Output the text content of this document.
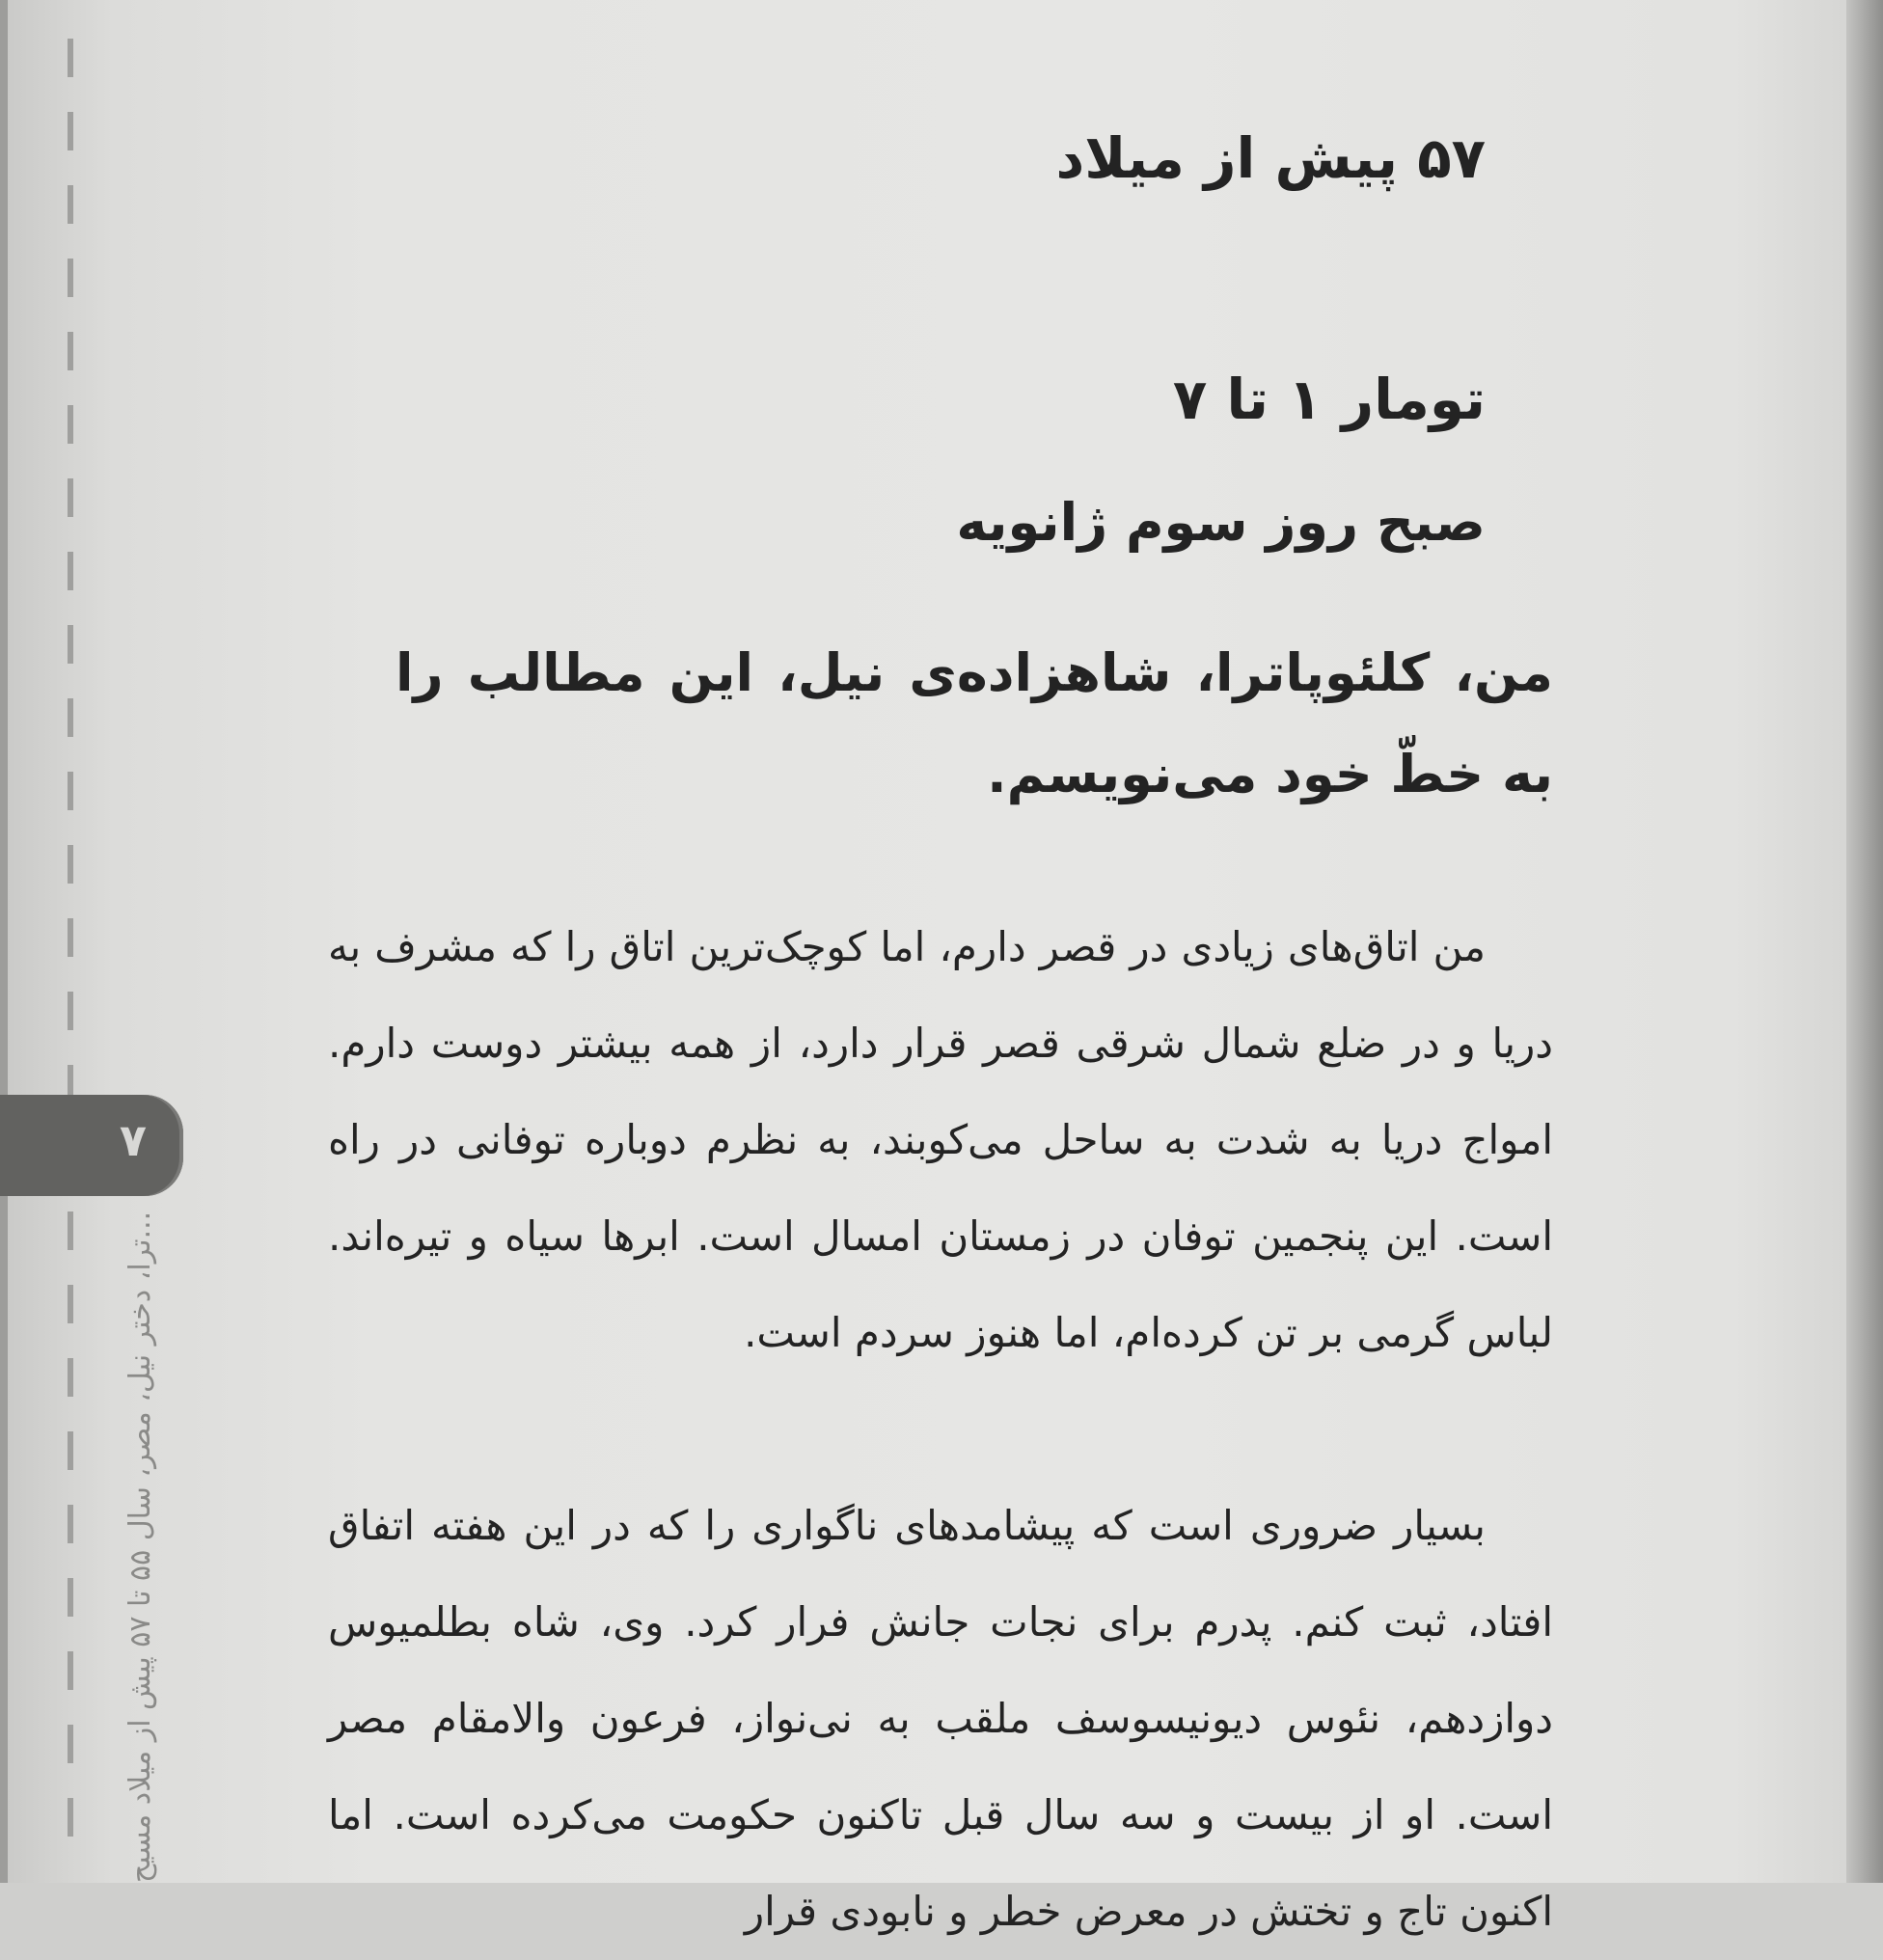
۷
...ترا، دختر نیل، مصر، سال ۵۵ تا ۵۷ پیش از میلاد مسیح
۵۷ پیش از میلاد
تومار ۱ تا ۷
صبح روز سوم ژانویه
من، کلئوپاترا، شاهزاده‌ی نیل، این مطالب را به خطّ خود می‌نویسم.

من اتاق‌های زیادی در قصر دارم، اما کوچک‌ترین اتاق را که مشرف به دریا و در ضلع شمال شرقی قصر قرار دارد، از همه بیشتر دوست دارم. امواج دریا به شدت به ساحل می‌کوبند، به نظرم دوباره توفانی در راه است. این پنجمین توفان در زمستان امسال است. ابرها سیاه و تیره‌اند. لباس گرمی بر تن کرده‌ام، اما هنوز سردم است.

بسیار ضروری است که پیشامدهای ناگواری را که در این هفته اتفاق افتاد، ثبت کنم. پدرم برای نجات جانش فرار کرد. وی، شاه بطلمیوس دوازدهم، نئوس دیونیسوسف ملقب به نی‌نواز، فرعون والامقام مصر است. او از بیست و سه سال قبل تاکنون حکومت می‌کرده است. اما اکنون تاج و تختش در معرض خطر و نابودی قرار
